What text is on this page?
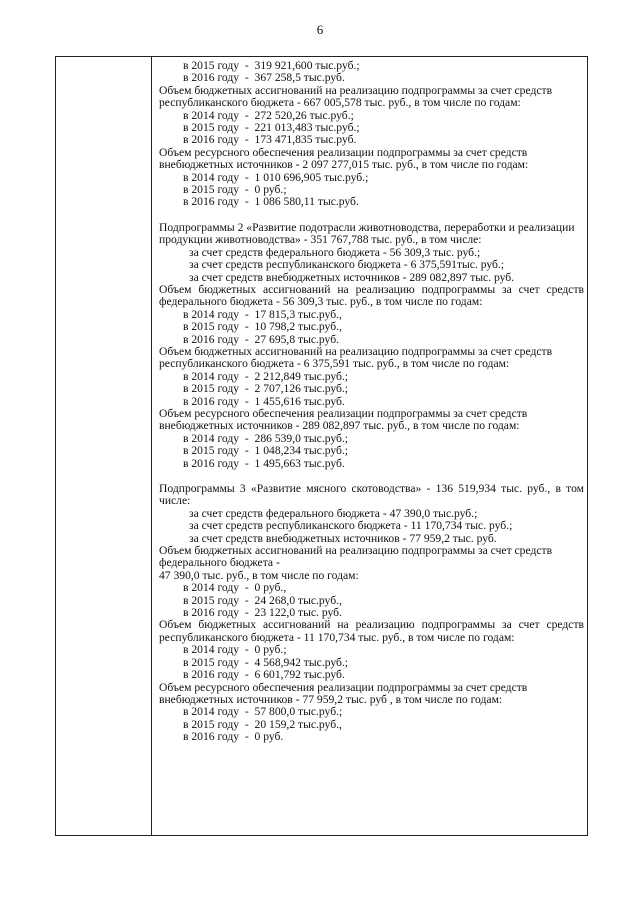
6
в 2015 году  -  319 921,600 тыс.руб.;
в 2016 году  -  367 258,5 тыс.руб.
Объем бюджетных ассигнований на реализацию подпрограммы за счет средств республиканского бюджета - 667 005,578 тыс. руб., в том числе по годам:
в 2014 году  -  272 520,26 тыс.руб.;
в 2015 году  -  221 013,483 тыс.руб.;
в 2016 году  -  173 471,835 тыс.руб.
Объем ресурсного обеспечения реализации подпрограммы за счет средств внебюджетных источников - 2 097 277,015 тыс. руб., в том числе по годам:
в 2014 году  -  1 010 696,905 тыс.руб.;
в 2015 году  -  0 руб.;
в 2016 году  -  1 086 580,11 тыс.руб.
Подпрограммы 2 «Развитие подотрасли животноводства, переработки и реализации продукции животноводства» - 351 767,788 тыс. руб., в том числе:
за счет средств федерального бюджета - 56 309,3 тыс. руб.;
за счет средств республиканского бюджета - 6 375,591тыс. руб.;
за счет средств внебюджетных источников - 289 082,897 тыс. руб.
Объем бюджетных ассигнований на реализацию подпрограммы за счет средств федерального бюджета - 56 309,3 тыс. руб., в том числе по годам:
в 2014 году  -  17 815,3 тыс.руб.,
в 2015 году  -  10 798,2 тыс.руб.,
в 2016 году  -  27 695,8 тыс.руб.
Объем бюджетных ассигнований на реализацию подпрограммы за счет средств республиканского бюджета - 6 375,591 тыс. руб., в том числе по годам:
в 2014 году  -  2 212,849 тыс.руб.;
в 2015 году  -  2 707,126 тыс.руб.;
в 2016 году  -  1 455,616 тыс.руб.
Объем ресурсного обеспечения реализации подпрограммы за счет средств внебюджетных источников - 289 082,897 тыс. руб., в том числе по годам:
в 2014 году  -  286 539,0 тыс.руб.;
в 2015 году  -  1 048,234 тыс.руб.;
в 2016 году  -  1 495,663 тыс.руб.
Подпрограммы 3 «Развитие мясного скотоводства» - 136 519,934 тыс. руб., в том числе:
за счет средств федерального бюджета - 47 390,0 тыс.руб.;
за счет средств республиканского бюджета - 11 170,734 тыс. руб.;
за счет средств внебюджетных источников - 77 959,2 тыс. руб.
Объем бюджетных ассигнований на реализацию подпрограммы за счет средств федерального бюджета -
47 390,0 тыс. руб., в том числе по годам:
в 2014 году  -  0 руб.,
в 2015 году  -  24 268,0 тыс.руб.,
в 2016 году  -  23 122,0 тыс. руб.
Объем бюджетных ассигнований на реализацию подпрограммы за счет средств республиканского бюджета - 11 170,734 тыс. руб., в том числе по годам:
в 2014 году  -  0 руб.;
в 2015 году  -  4 568,942 тыс.руб.;
в 2016 году  -  6 601,792 тыс.руб.
Объем ресурсного обеспечения реализации подпрограммы за счет средств внебюджетных источников - 77 959,2 тыс. руб , в том числе по годам:
в 2014 году  -  57 800,0 тыс.руб.;
в 2015 году  -  20 159,2 тыс.руб.,
в 2016 году  -  0 руб.
